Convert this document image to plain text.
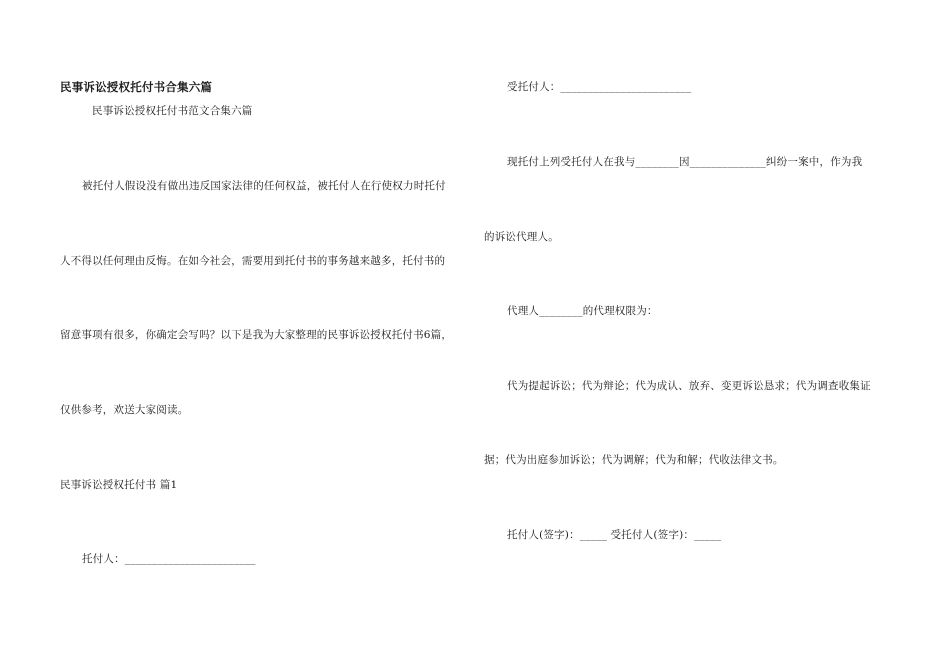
民事诉讼授权托付书合集六篇
民事诉讼授权托付书范文合集六篇
被托付人假设没有做出违反国家法律的任何权益，被托付人在行使权力时托付
人不得以任何理由反悔。在如今社会，需要用到托付书的事务越来越多，托付书的
留意事项有很多，你确定会写吗？以下是我为大家整理的民事诉讼授权托付书6篇，
仅供参考，欢送大家阅读。
民事诉讼授权托付书 篇1
托付人：________________________
受托付人：________________________
现托付上列受托付人在我与________因______________纠纷一案中，作为我
的诉讼代理人。
代理人________的代理权限为：
代为提起诉讼；代为辩论；代为成认、放弃、变更诉讼恳求；代为调查收集证
据；代为出庭参加诉讼；代为调解；代为和解；代收法律文书。
托付人(签字)：_____ 受托付人(签字)：_____
